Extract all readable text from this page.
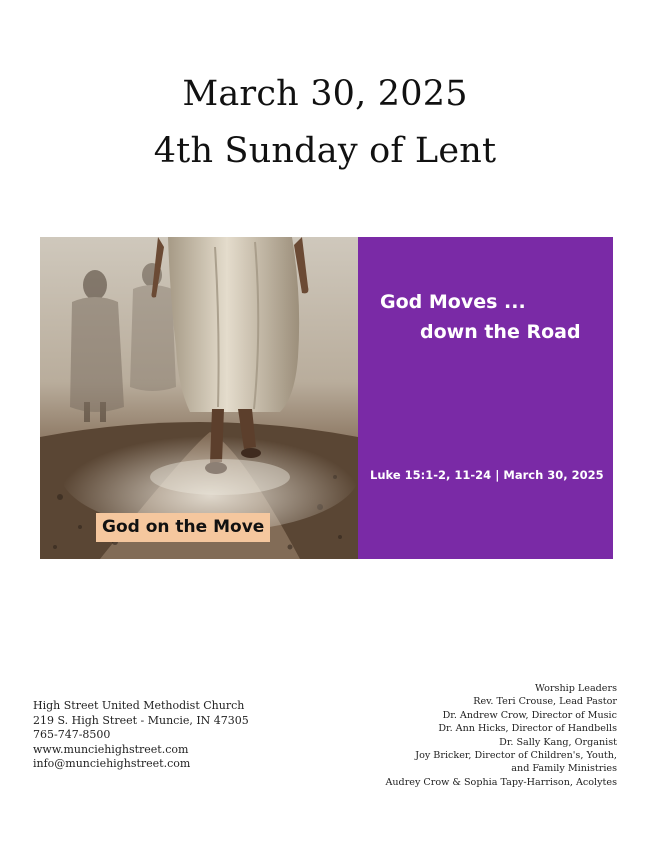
March 30, 2025
4th Sunday of Lent
God on the Move
God Moves ...
down the Road
Luke 15:1-2, 11-24 | March 30, 2025
High Street United Methodist Church
219 S. High Street - Muncie, IN 47305
765-747-8500
www.munciehighstreet.com
info@munciehighstreet.com
Worship Leaders
Rev. Teri Crouse, Lead Pastor
Dr. Andrew Crow, Director of Music
Dr. Ann Hicks, Director of Handbells
Dr. Sally Kang, Organist
Joy Bricker, Director of Children's, Youth,
and Family Ministries
Audrey Crow & Sophia Tapy-Harrison, Acolytes
